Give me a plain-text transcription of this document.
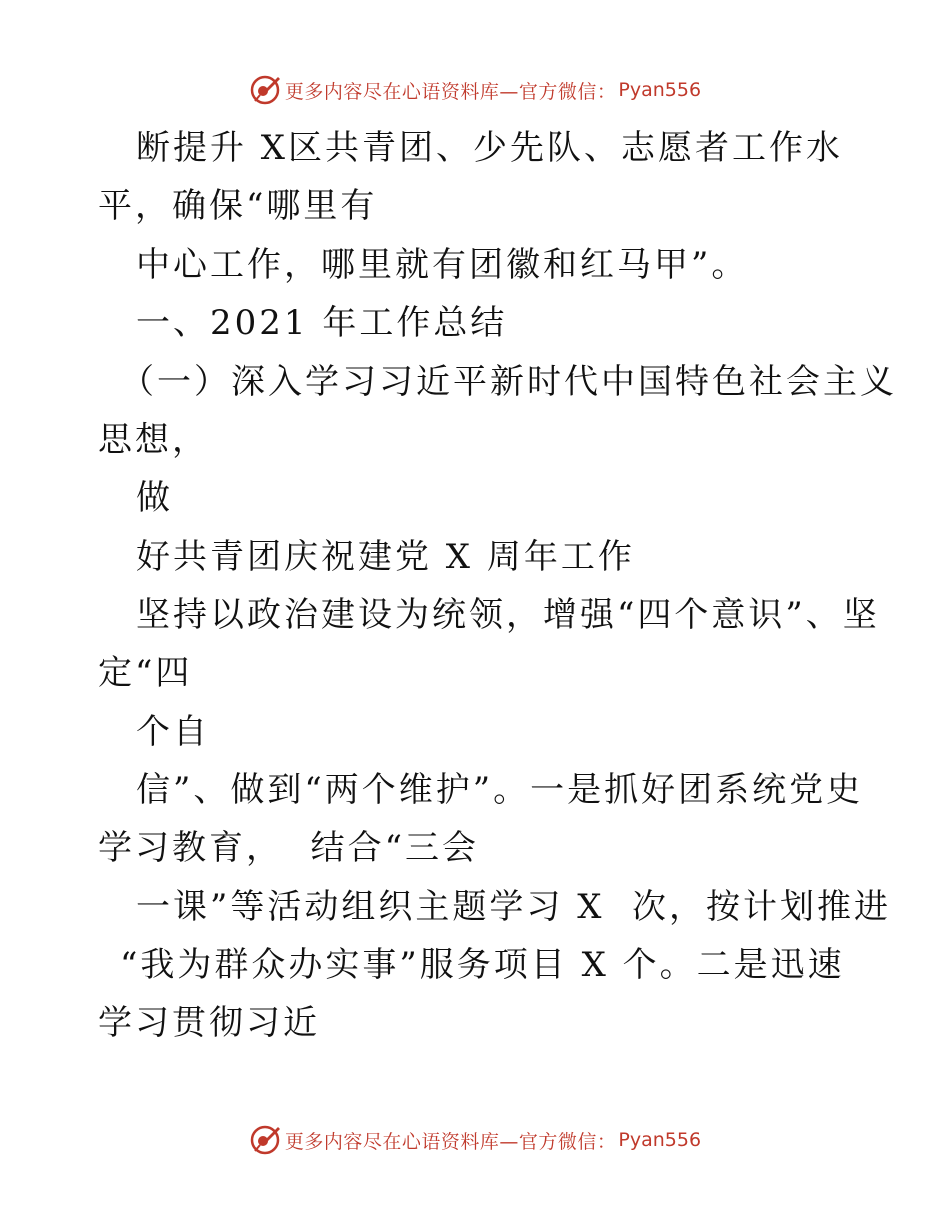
更多内容尽在心语资料库—官方微信： Pyan556
断提升 X区共青团、少先队、志愿者工作水
平，确保“哪里有
中心工作，哪里就有团徽和红马甲”。
一、2021 年工作总结
（一）深入学习习近平新时代中国特色社会主义
思想，
做
好共青团庆祝建党 X 周年工作
坚持以政治建设为统领，增强“四个意识”、坚
定“四
个自
信”、做到“两个维护”。一是抓好团系统党史
学习教育，  结合“三会
一课”等活动组织主题学习 X  次，按计划推进
“我为群众办实事”服务项目 X 个。二是迅速
学习贯彻习近
更多内容尽在心语资料库—官方微信： Pyan556
